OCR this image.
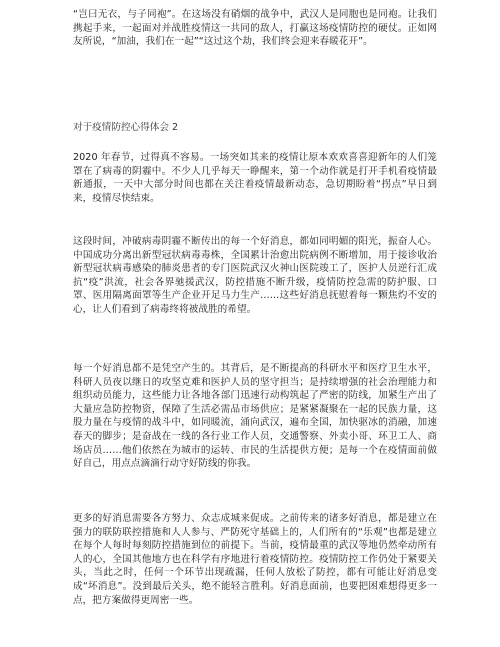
“岂曰无衣，与子同袍”。在这场没有硝烟的战争中，武汉人是同胞也是同袍。让我们携起手来，一起面对并战胜疫情这一共同的敌人，打赢这场疫情防控的硬仗。正如网友所说，“加油，我们在一起”“这过这个劫，我们终会迎来春暖花开”。

对于疫情防控心得体会 2

2020 年春节，过得真不容易。一场突如其来的疫情让原本欢欢喜喜迎新年的人们笼罩在了病毒的阴霾中。不少人几乎每天一睁醒来，第一个动作就是打开手机看疫情最新通报，一天中大部分时间也都在关注着疫情最新动态，急切期盼着“拐点”早日到来，疫情尽快结束。

这段时间，冲破病毒阴霾不断传出的每一个好消息，都如同明媚的阳光，振奋人心。中国成功分离出新型冠状病毒毒株，全国累计治愈出院病例不断增加，用于接诊收治新型冠状病毒感染的肺炎患者的专门医院武汉火神山医院竣工了，医护人员逆行汇成抗“疫”洪流，社会各界驰援武汉，防控措施不断升级，疫情防控急需的防护服、口罩、医用隔离面罩等生产企业开足马力生产……这些好消息抚慰着每一颗焦灼不安的心，让人们看到了病毒终将被战胜的希望。

每一个好消息都不是凭空产生的。其背后，是不断提高的科研水平和医疗卫生水平，科研人员夜以继日的攻坚克难和医护人员的坚守担当；是持续增强的社会治理能力和组织动员能力，这些能力让各地各部门迅速行动构筑起了严密的防线，加紧生产出了大量应急防控物资，保障了生活必需品市场供应；是紧紧凝聚在一起的民族力量，这股力量在与疫情的战斗中，如同暖流，涌向武汉，遍布全国，加快驱冰的消融，加速春天的脚步；是奋战在一线的各行业工作人员，交通警察、外卖小哥、环卫工人、商场店员……他们依然在为城市的运转、市民的生活提供方便；是每一个在疫情面前做好自己，用点点滴滴行动守好防线的你我。

更多的好消息需要各方努力、众志成城来促成。之前传来的诸多好消息，都是建立在强力的联防联控措施和人人参与、严防死守基础上的，人们所有的“乐观”也都是建立在每个人每时每刻防控措施到位的前提下。当前，疫情最重的武汉等地仍然牵动所有人的心，全国其他地方也在科学有序地进行着疫情防控。疫情防控工作仍处于紧要关头，当此之时，任何一个环节出现疏漏，任何人放松了防控，都有可能让好消息变成“坏消息”。没到最后关头，绝不能轻言胜利。好消息面前，也要把困难想得更多一点，把方案做得更周密一些。
